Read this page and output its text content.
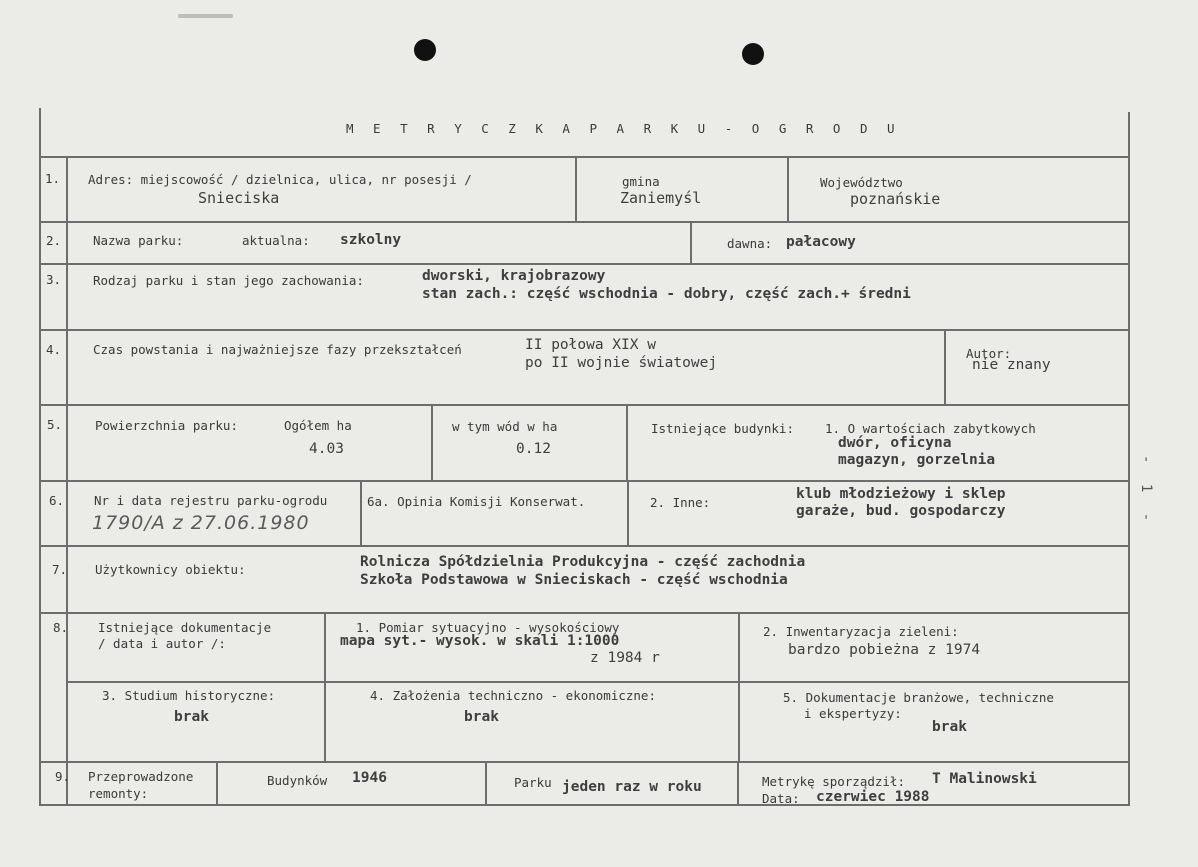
M E T R Y C Z K A P A R K U - O G R O D U
1. Adres: miejscowość / dzielnica, ulica, nr posesji /
Snieciska
gmina
Zaniemyśl
Województwo
poznańskie
2.	Nazwa parku:	aktualna: szkolny	dawna: pałacowy
3.	Rodzaj parku i stan jego zachowania:	dworski, krajobrazowy
stan zach.: część wschodnia - dobry, część zach.+ średni
4.	Czas powstania i najważniejsze fazy przekształceń	II połowa XIX w
po II wojnie światowej
Autor:
nie znany
5.	Powierzchnia parku:	Ogółem ha
4.03
w tym wód w ha
0.12
Istniejące budynki: 1. O wartościach zabytkowych
dwór, oficyna
magazyn, gorzelnia
6. Nr i data rejestru parku-ogrodu
1790/A z 27.06.1980
6a. Opinia Komisji Konserwat.	2. Inne:
klub młodzieżowy i sklep
garaże, bud. gospodarczy
7. Użytkownicy obiektu:	Rolnicza Spółdzielnia Produkcyjna - część zachodnia
Szkoła Podstawowa w Snieciskach - część wschodnia
8. Istniejące dokumentacje
/ data i autor /:
1. Pomiar sytuacyjno - wysokościowy
mapa syt.- wysok. w skali 1:1000
z 1984 r
2. Inwentaryzacja zieleni:
bardzo pobieżna z 1974
3. Studium historyczne:
brak
4. Założenia techniczno - ekonomiczne:
brak
5. Dokumentacje branżowe, techniczne
i ekspertyzy:
brak
9. Przeprowadzone
remonty:
Budynków 1946	Parku jeden raz w roku	Metrykę sporządził: T Malinowski
Data: czerwiec 1988
- 1 -
